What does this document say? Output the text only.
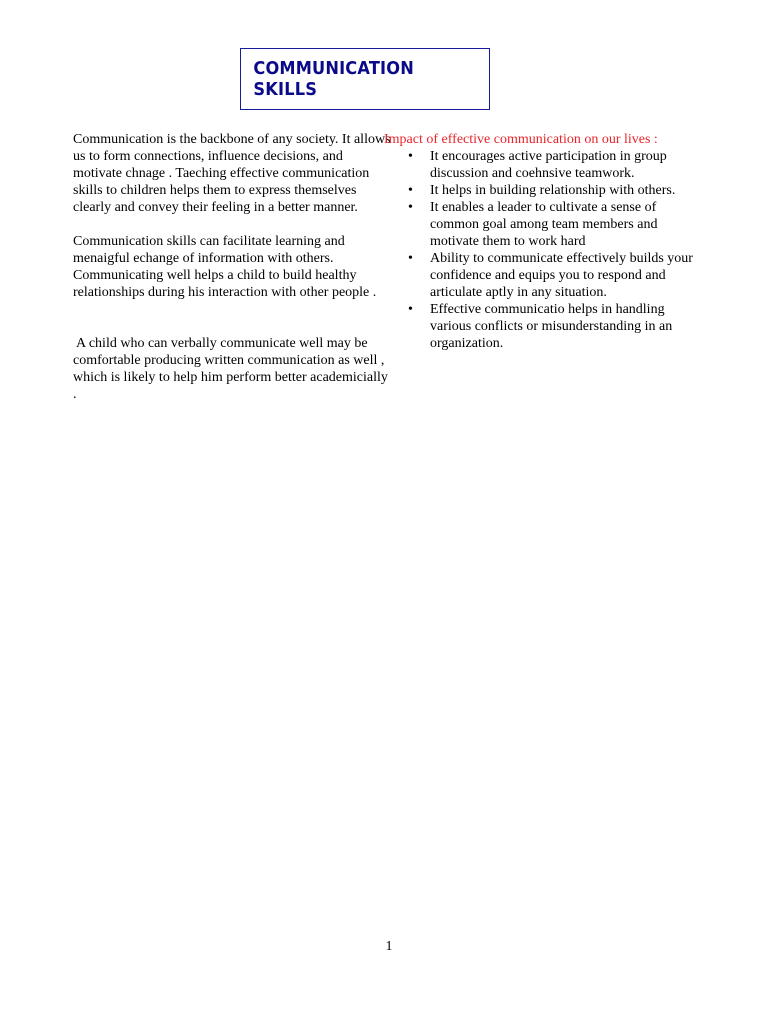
COMMUNICATION SKILLS

Communication is the backbone of any society. It allows us to form connections, influence decisions, and motivate chnage . Taeching effective communication skills to children helps them to express themselves clearly and convey their feeling in a better manner.

Communication skills can facilitate learning and menaigful echange of information with others. Communicating well helps a child to build healthy relationships during his interaction with other people .

A child who can verbally communicate well may be comfortable producing written communication as well , which is likely to help him perform better academicially .

Impact of effective communication on our lives :
• It encourages active participation in group discussion and coehnsive teamwork.
• It helps in building relationship with others.
• It enables a leader to cultivate a sense of common goal among team members and motivate them to work hard
• Ability to communicate effectively builds your confidence and equips you to respond and articulate aptly in any situation.
• Effective communicatio helps in handling various conflicts or misunderstanding in an organization.
1
